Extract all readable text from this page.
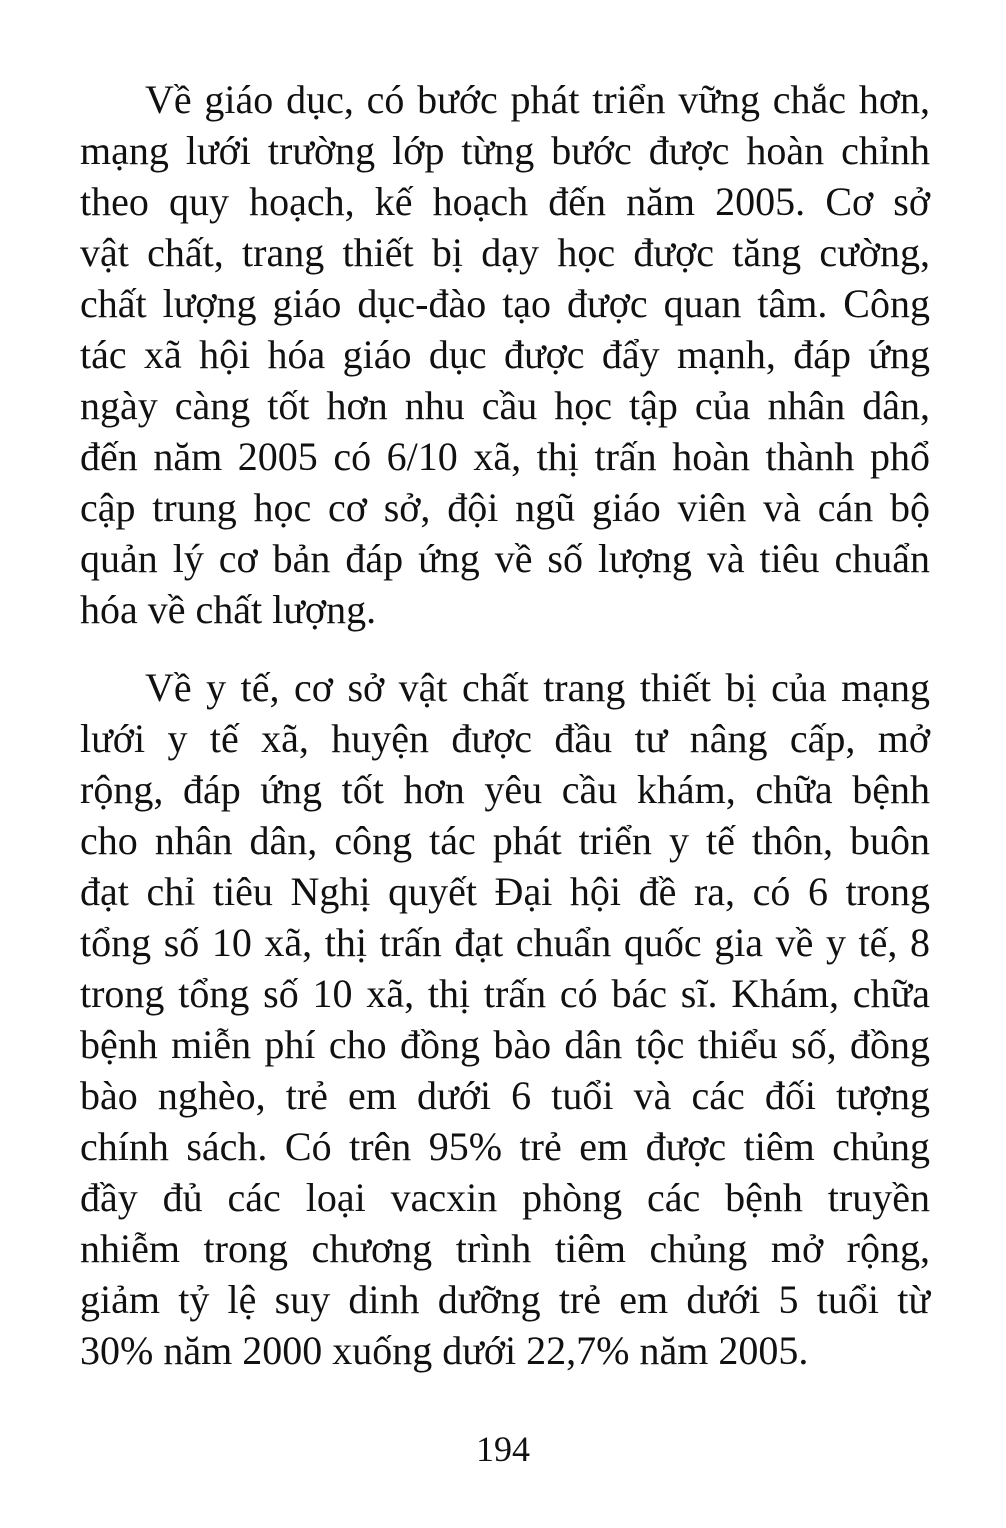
Về giáo dục, có bước phát triển vững chắc hơn,
mạng lưới trường lớp từng bước được hoàn chỉnh
theo quy hoạch, kế hoạch đến năm 2005. Cơ sở
vật chất, trang thiết bị dạy học được tăng cường,
chất lượng giáo dục-đào tạo được quan tâm. Công
tác xã hội hóa giáo dục được đẩy mạnh, đáp ứng
ngày càng tốt hơn nhu cầu học tập của nhân dân,
đến năm 2005 có 6/10 xã, thị trấn hoàn thành phổ
cập trung học cơ sở, đội ngũ giáo viên và cán bộ
quản lý cơ bản đáp ứng về số lượng và tiêu chuẩn
hóa về chất lượng.
Về y tế, cơ sở vật chất trang thiết bị của mạng
lưới y tế xã, huyện được đầu tư nâng cấp, mở
rộng, đáp ứng tốt hơn yêu cầu khám, chữa bệnh
cho nhân dân, công tác phát triển y tế thôn, buôn
đạt chỉ tiêu Nghị quyết Đại hội đề ra, có 6 trong
tổng số 10 xã, thị trấn đạt chuẩn quốc gia về y tế, 8
trong tổng số 10 xã, thị trấn có bác sĩ. Khám, chữa
bệnh miễn phí cho đồng bào dân tộc thiểu số, đồng
bào nghèo, trẻ em dưới 6 tuổi và các đối tượng
chính sách. Có trên 95% trẻ em được tiêm chủng
đầy đủ các loại vacxin phòng các bệnh truyền
nhiễm trong chương trình tiêm chủng mở rộng,
giảm tỷ lệ suy dinh dưỡng trẻ em dưới 5 tuổi từ
30% năm 2000 xuống dưới 22,7% năm 2005.
194
